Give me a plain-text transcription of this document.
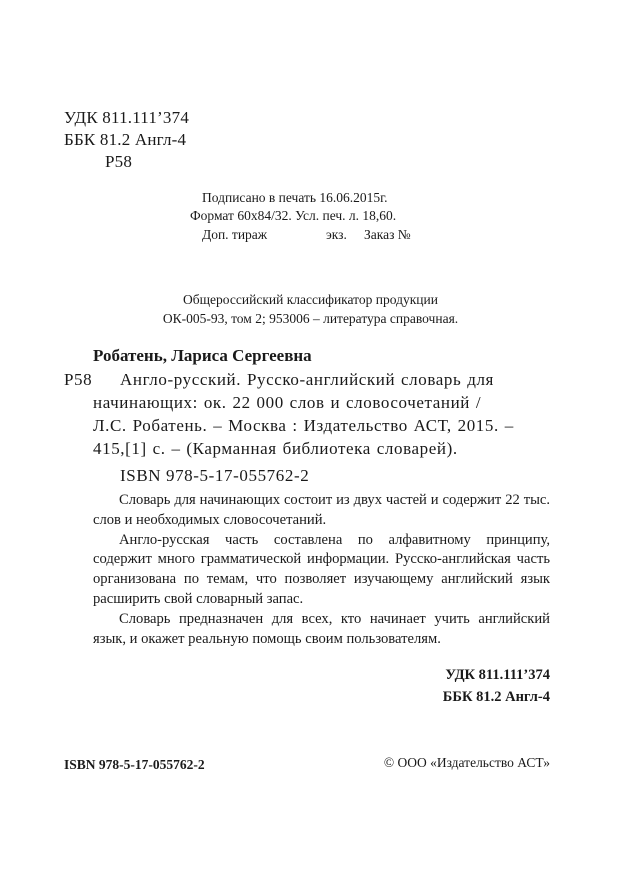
УДК 811.111’374
ББК 81.2 Англ-4
Р58
Подписано в печать 16.06.2015г.
Формат 60x84/32. Усл. печ. л. 18,60.
Доп. тираж	экз. Заказ №
Общероссийский классификатор продукции
ОК-005-93, том 2; 953006 – литература справочная.
Робатень, Лариса Сергеевна
Р58 Англо-русский. Русско-английский словарь для
начинающих: ок. 22 000 слов и словосочетаний /
Л.С. Робатень. – Москва : Издательство АСТ, 2015. –
415,[1] с. – (Карманная библиотека словарей).
ISBN 978-5-17-055762-2

Словарь для начинающих состоит из двух частей и содержит 22 тыс. слов и необходимых словосочетаний.

Англо-русская часть составлена по алфавитному принципу, содержит много грамматической информации. Русско-английская часть организована по темам, что позволяет изучающему английский язык расширить свой словарный запас.

Словарь предназначен для всех, кто начинает учить английский язык, и окажет реальную помощь своим пользователям.

УДК 811.111’374
ББК 81.2 Англ-4
ISBN 978-5-17-055762-2	© ООО «Издательство АСТ»
